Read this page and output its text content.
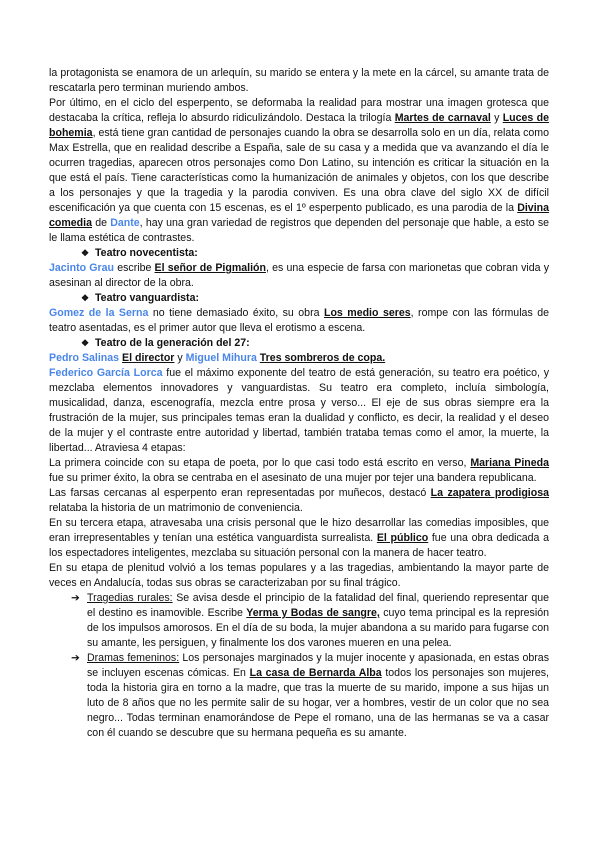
la protagonista se enamora de un arlequín, su marido se entera y la mete en la cárcel, su amante trata de rescatarla pero terminan muriendo ambos.

Por último, en el ciclo del esperpento, se deformaba la realidad para mostrar una imagen grotesca que destacaba la crítica, refleja lo absurdo ridiculizándolo. Destaca la trilogía Martes de carnaval y Luces de bohemia, está tiene gran cantidad de personajes cuando la obra se desarrolla solo en un día, relata como Max Estrella, que en realidad describe a España, sale de su casa y a medida que va avanzando el día le ocurren tragedias, aparecen otros personajes como Don Latino, su intención es criticar la situación en la que está el país. Tiene características como la humanización de animales y objetos, con los que describe a los personajes y que la tragedia y la parodia conviven. Es una obra clave del siglo XX de difícil escenificación ya que cuenta con 15 escenas, es el 1º esperpento publicado, es una parodia de la Divina comedia de Dante, hay una gran variedad de registros que dependen del personaje que hable, a esto se le llama estética de contrastes.

❖ Teatro novecentista:

Jacinto Grau escribe El señor de Pigmalión, es una especie de farsa con marionetas que cobran vida y asesinan al director de la obra.

❖ Teatro vanguardista:

Gomez de la Serna no tiene demasiado éxito, su obra Los medio seres, rompe con las fórmulas de teatro asentadas, es el primer autor que lleva el erotismo a escena.

❖ Teatro de la generación del 27:
Pedro Salinas El director y Miguel Mihura Tres sombreros de copa.

Federico García Lorca fue el máximo exponente del teatro de está generación, su teatro era poético, y mezclaba elementos innovadores y vanguardistas. Su teatro era completo, incluía simbología, musicalidad, danza, escenografía, mezcla entre prosa y verso... El eje de sus obras siempre era la frustración de la mujer, sus principales temas eran la dualidad y conflicto, es decir, la realidad y el deseo de la mujer y el contraste entre autoridad y libertad, también trataba temas como el amor, la muerte, la libertad... Atraviesa 4 etapas:

La primera coincide con su etapa de poeta, por lo que casi todo está escrito en verso, Mariana Pineda fue su primer éxito, la obra se centraba en el asesinato de una mujer por tejer una bandera republicana.

Las farsas cercanas al esperpento eran representadas por muñecos, destacó La zapatera prodigiosa relataba la historia de un matrimonio de conveniencia.

En su tercera etapa, atravesaba una crisis personal que le hizo desarrollar las comedias imposibles, que eran irrepresentables y tenían una estética vanguardista surrealista. El público fue una obra dedicada a los espectadores inteligentes, mezclaba su situación personal con la manera de hacer teatro.

En su etapa de plenitud volvió a los temas populares y a las tragedias, ambientando la mayor parte de veces en Andalucía, todas sus obras se caracterizaban por su final trágico.

➔ Tragedias rurales: Se avisa desde el principio de la fatalidad del final, queriendo representar que el destino es inamovible. Escribe Yerma y Bodas de sangre, cuyo tema principal es la represión de los impulsos amorosos. En el día de su boda, la mujer abandona a su marido para fugarse con su amante, les persiguen, y finalmente los dos varones mueren en una pelea.

➔ Dramas femeninos: Los personajes marginados y la mujer inocente y apasionada, en estas obras se incluyen escenas cómicas. En La casa de Bernarda Alba todos los personajes son mujeres, toda la historia gira en torno a la madre, que tras la muerte de su marido, impone a sus hijas un luto de 8 años que no les permite salir de su hogar, ver a hombres, vestir de un color que no sea negro... Todas terminan enamorándose de Pepe el romano, una de las hermanas se va a casar con él cuando se descubre que su hermana pequeña es su amante.
